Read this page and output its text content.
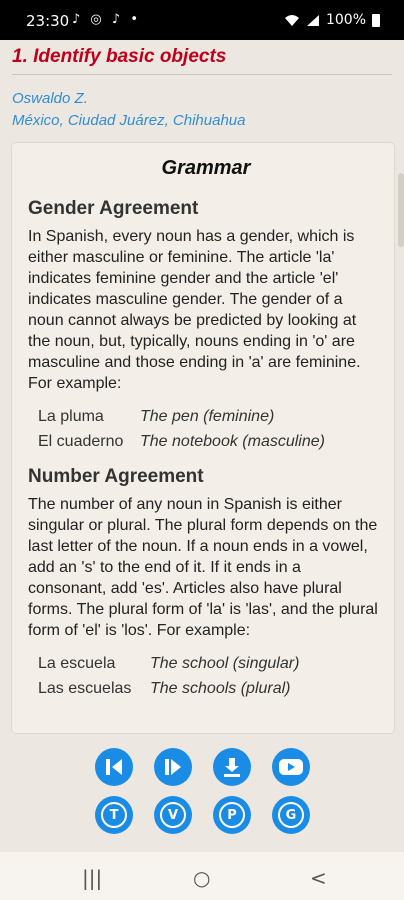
23:30 ♪ ◎ ♪ •	100%
1. Identify basic objects
Oswaldo Z.
México, Ciudad Juárez, Chihuahua
Grammar
Gender Agreement
In Spanish, every noun has a gender, which is either masculine or feminine. The article 'la' indicates feminine gender and the article 'el' indicates masculine gender. The gender of a noun cannot always be predicted by looking at the noun, but, typically, nouns ending in 'o' are masculine and those ending in 'a' are feminine. For example:
La pluma	The pen (feminine)
El cuaderno	The notebook (masculine)
Number Agreement
The number of any noun in Spanish is either singular or plural. The plural form depends on the last letter of the noun. If a noun ends in a vowel, add an 's' to the end of it. If it ends in a consonant, add 'es'. Articles also have plural forms. The plural form of 'la' is 'las', and the plural form of 'el' is 'los'. For example:
La escuela	The school (singular)
Las escuelas	The schools (plural)
T	V	P	G
|||	○	<
